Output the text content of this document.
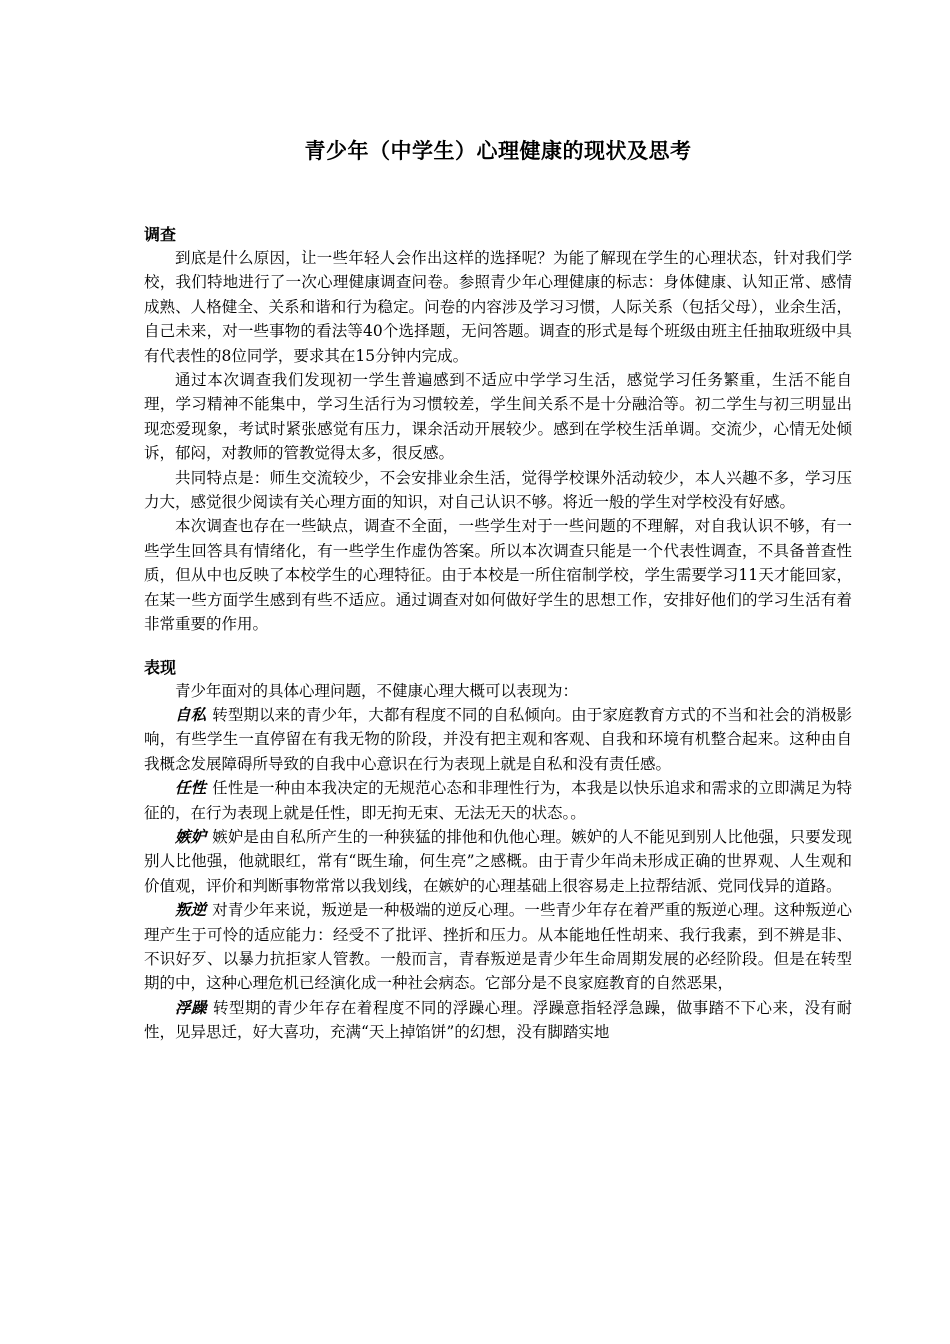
青少年（中学生）心理健康的现状及思考
调查

到底是什么原因，让一些年轻人会作出这样的选择呢？为能了解现在学生的心理状态，针对我们学校，我们特地进行了一次心理健康调查问卷。参照青少年心理健康的标志：身体健康、认知正常、感情成熟、人格健全、关系和谐和行为稳定。问卷的内容涉及学习习惯，人际关系（包括父母），业余生活，自己未来，对一些事物的看法等40个选择题，无问答题。调查的形式是每个班级由班主任抽取班级中具有代表性的8位同学，要求其在15分钟内完成。

通过本次调查我们发现初一学生普遍感到不适应中学学习生活，感觉学习任务繁重，生活不能自理，学习精神不能集中，学习生活行为习惯较差，学生间关系不是十分融洽等。初二学生与初三明显出现恋爱现象，考试时紧张感觉有压力，课余活动开展较少。感到在学校生活单调。交流少，心情无处倾诉，郁闷，对教师的管教觉得太多，很反感。

共同特点是：师生交流较少，不会安排业余生活，觉得学校课外活动较少，本人兴趣不多，学习压力大，感觉很少阅读有关心理方面的知识，对自己认识不够。将近一般的学生对学校没有好感。

本次调查也存在一些缺点，调查不全面，一些学生对于一些问题的不理解，对自我认识不够，有一些学生回答具有情绪化，有一些学生作虚伪答案。所以本次调查只能是一个代表性调查，不具备普查性质，但从中也反映了本校学生的心理特征。由于本校是一所住宿制学校，学生需要学习11天才能回家，在某一些方面学生感到有些不适应。通过调查对如何做好学生的思想工作，安排好他们的学习生活有着非常重要的作用。

表现

青少年面对的具体心理问题，不健康心理大概可以表现为：

自私 转型期以来的青少年，大都有程度不同的自私倾向。由于家庭教育方式的不当和社会的消极影响，有些学生一直停留在有我无物的阶段，并没有把主观和客观、自我和环境有机整合起来。这种由自我概念发展障碍所导致的自我中心意识在行为表现上就是自私和没有责任感。

任性 任性是一种由本我决定的无规范心态和非理性行为，本我是以快乐追求和需求的立即满足为特征的，在行为表现上就是任性，即无拘无束、无法无天的状态。。

嫉妒 嫉妒是由自私所产生的一种狭猛的排他和仇他心理。嫉妒的人不能见到别人比他强，只要发现别人比他强，他就眼红，常有“既生瑜，何生亮”之感概。由于青少年尚未形成正确的世界观、人生观和价值观，评价和判断事物常常以我划线，在嫉妒的心理基础上很容易走上拉帮结派、党同伐异的道路。

叛逆 对青少年来说，叛逆是一种极端的逆反心理。一些青少年存在着严重的叛逆心理。这种叛逆心理产生于可怜的适应能力：经受不了批评、挫折和压力。从本能地任性胡来、我行我素，到不辨是非、不识好歹、以暴力抗拒家人管教。一般而言，青春叛逆是青少年生命周期发展的必经阶段。但是在转型期的中，这种心理危机已经演化成一种社会病态。它部分是不良家庭教育的自然恶果，

浮躁 转型期的青少年存在着程度不同的浮躁心理。浮躁意指轻浮急躁，做事踏不下心来，没有耐性，见异思迁，好大喜功，充满“天上掉馅饼”的幻想，没有脚踏实地
